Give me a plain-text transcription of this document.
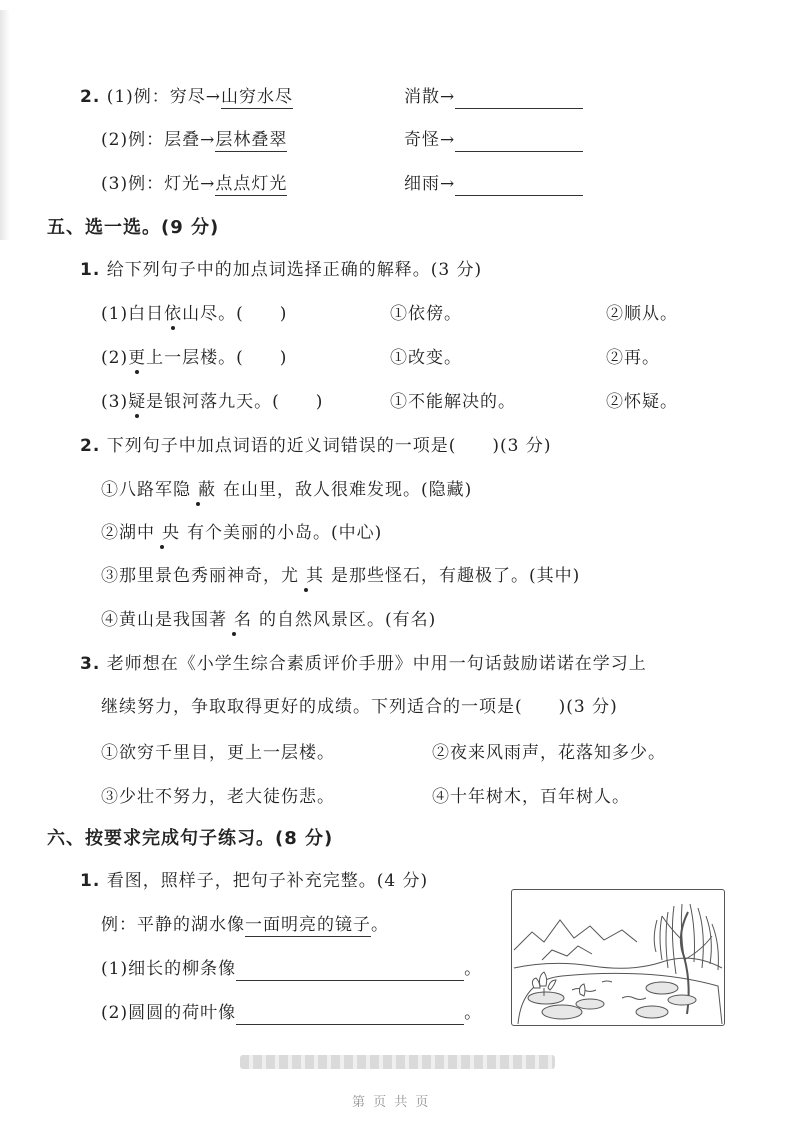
2. (1)例：穷尽→山穷水尽	消散→
(2)例：层叠→层林叠翠	奇怪→
(3)例：灯光→点点灯光	细雨→
五、选一选。(9 分)
1. 给下列句子中的加点词选择正确的解释。(3 分)
(1)白日依山尽。(　　)	①依傍。	②顺从。
(2)更上一层楼。(　　)	①改变。	②再。
(3)疑是银河落九天。(　　)	①不能解决的。	②怀疑。
2. 下列句子中加点词语的近义词错误的一项是(　　)(3 分)
①八路军隐蔽在山里，敌人很难发现。(隐藏)
②湖中央有个美丽的小岛。(中心)
③那里景色秀丽神奇，尤其是那些怪石，有趣极了。(其中)
④黄山是我国著名的自然风景区。(有名)
3. 老师想在《小学生综合素质评价手册》中用一句话鼓励诺诺在学习上
继续努力，争取取得更好的成绩。下列适合的一项是(　　)(3 分)
①欲穷千里目，更上一层楼。	②夜来风雨声，花落知多少。
③少壮不努力，老大徒伤悲。	④十年树木，百年树人。
六、按要求完成句子练习。(8 分)
1. 看图，照样子，把句子补充完整。(4 分)
例：平静的湖水像一面明亮的镜子。
(1)细长的柳条像	。
(2)圆圆的荷叶像	。
第 页 共 页
